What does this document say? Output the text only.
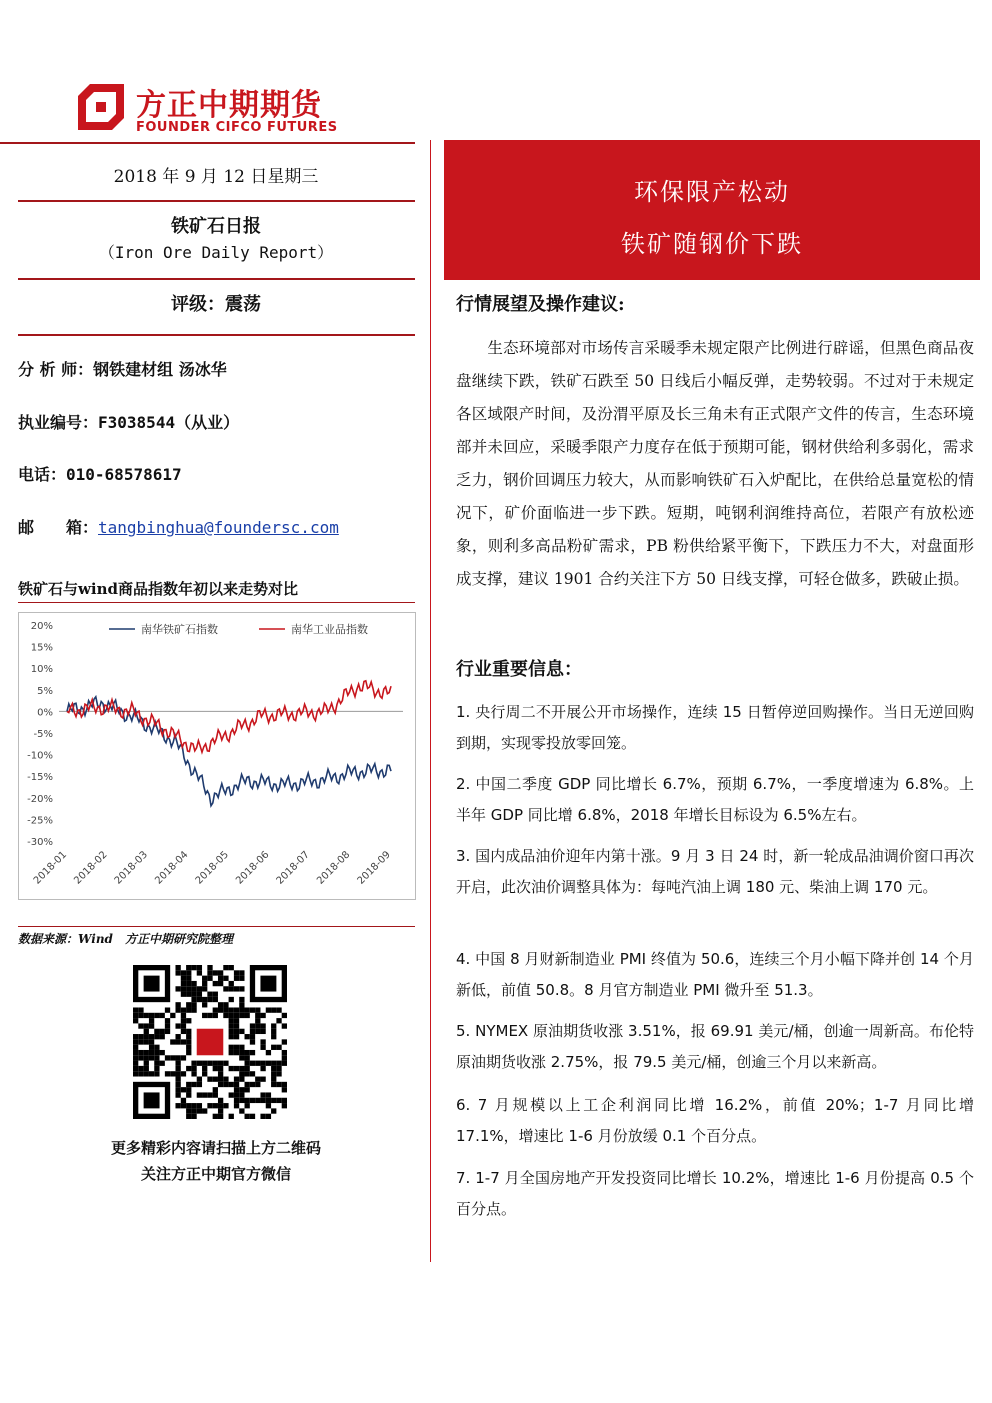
方正中期期货
FOUNDER CIFCO FUTURES
2018 年 9 月 12 日星期三
铁矿石日报
（Iron Ore Daily Report）
评级：震荡
分 析 师：钢铁建材组 汤冰华
执业编号：F3038544（从业）
电话：010-68578617
邮　　箱：tangbinghua@foundersc.com
铁矿石与wind商品指数年初以来走势对比
20%
15%
10%
5%
0%
-5%
-10%
-15%
-20%
-25%
-30%
2018-01 2018-02 2018-03 2018-04 2018-05 2018-06 2018-07 2018-08 2018-09
南华铁矿石指数	南华工业品指数
数据来源：Wind　方正中期研究院整理
更多精彩内容请扫描上方二维码
关注方正中期官方微信
环保限产松动
铁矿随钢价下跌
行情展望及操作建议:
　　生态环境部对市场传言采暖季未规定限产比例进行辟谣，但黑色商品夜盘继续下跌，铁矿石跌至 50 日线后小幅反弹，走势较弱。不过对于未规定各区域限产时间，及汾渭平原及长三角未有正式限产文件的传言，生态环境部并未回应，采暖季限产力度存在低于预期可能，钢材供给利多弱化，需求乏力，钢价回调压力较大，从而影响铁矿石入炉配比，在供给总量宽松的情况下，矿价面临进一步下跌。短期，吨钢利润维持高位，若限产有放松迹象，则利多高品粉矿需求，PB 粉供给紧平衡下，下跌压力不大，对盘面形成支撑，建议 1901 合约关注下方 50 日线支撑，可轻仓做多，跌破止损。
行业重要信息：
1. 央行周二不开展公开市场操作，连续 15 日暂停逆回购操作。当日无逆回购到期，实现零投放零回笼。
2. 中国二季度 GDP 同比增长 6.7%，预期 6.7%，一季度增速为 6.8%。上半年 GDP 同比增 6.8%，2018 年增长目标设为 6.5%左右。
3. 国内成品油价迎年内第十涨。9 月 3 日 24 时，新一轮成品油调价窗口再次开启，此次油价调整具体为：每吨汽油上调 180 元、柴油上调 170 元。
4. 中国 8 月财新制造业 PMI 终值为 50.6，连续三个月小幅下降并创 14 个月新低，前值 50.8。8 月官方制造业 PMI 微升至 51.3。
5. NYMEX 原油期货收涨 3.51%，报 69.91 美元/桶，创逾一周新高。布伦特原油期货收涨 2.75%，报 79.5 美元/桶，创逾三个月以来新高。
6. 7 月规模以上工企利润同比增 16.2%，前值 20%；1-7 月同比增 17.1%，增速比 1-6 月份放缓 0.1 个百分点。
7. 1-7 月全国房地产开发投资同比增长 10.2%，增速比 1-6 月份提高 0.5 个百分点。
